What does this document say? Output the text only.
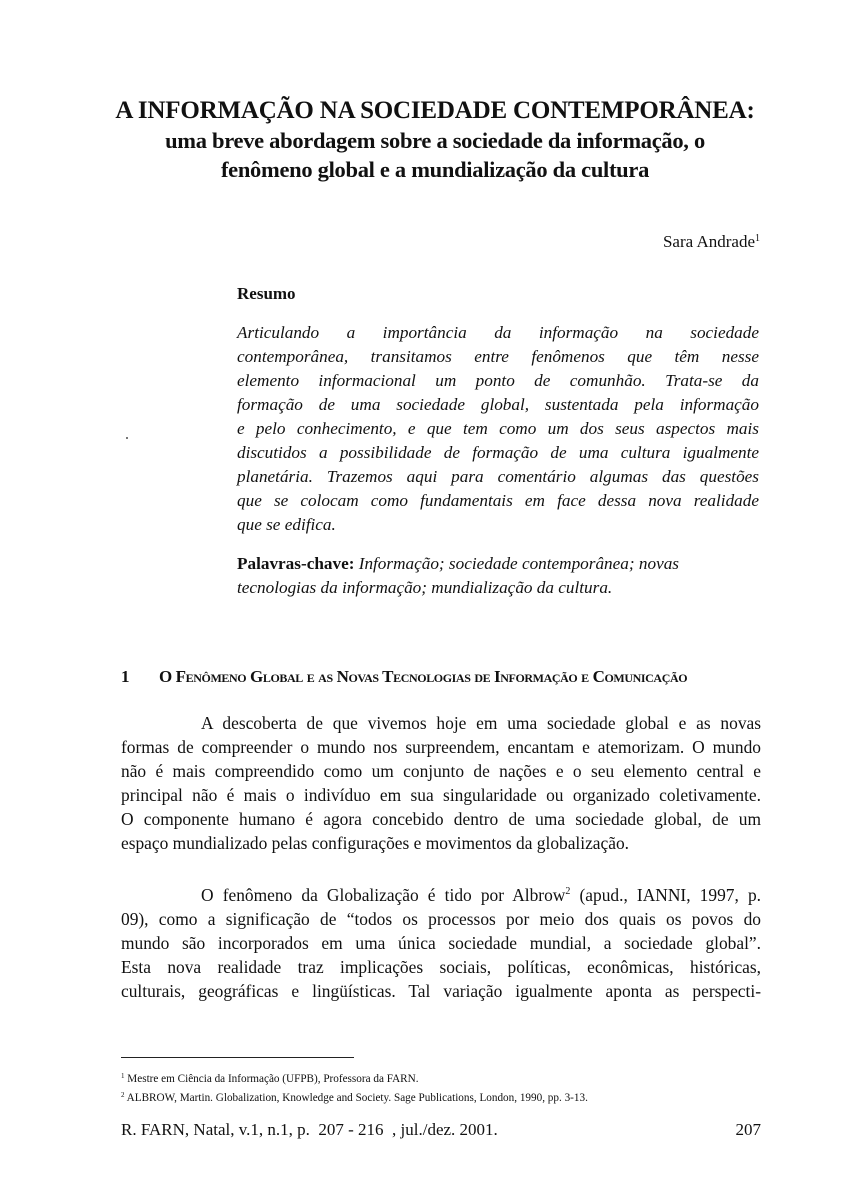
A INFORMAÇÃO NA SOCIEDADE CONTEMPORÂNEA:
uma breve abordagem sobre a sociedade da informação, o
fenômeno global e a mundialização da cultura
Sara Andrade$^1$
Resumo
Articulando a importância da informação na sociedade
contemporânea, transitamos entre fenômenos que têm nesse
elemento informacional um ponto de comunhão. Trata-se da
formação de uma sociedade global, sustentada pela informação
e pelo conhecimento, e que tem como um dos seus aspectos mais
discutidos a possibilidade de formação de uma cultura igualmente
planetária. Trazemos aqui para comentário algumas das questões
que se colocam como fundamentais em face dessa nova realidade
que se edifica.
Palavras-chave: Informação; sociedade contemporânea; novas
tecnologias da informação; mundialização da cultura.
1	O Fenômeno Global e as Novas Tecnologias de Informação e Comunicação
A descoberta de que vivemos hoje em uma sociedade global e as novas
formas de compreender o mundo nos surpreendem, encantam e atemorizam. O mundo
não é mais compreendido como um conjunto de nações e o seu elemento central e
principal não é mais o indivíduo em sua singularidade ou organizado coletivamente.
O componente humano é agora concebido dentro de uma sociedade global, de um
espaço mundializado pelas configurações e movimentos da globalização.
O fenômeno da Globalização é tido por Albrow$^2$ (apud., IANNI, 1997, p.
09), como a significação de “todos os processos por meio dos quais os povos do
mundo são incorporados em uma única sociedade mundial, a sociedade global”.
Esta nova realidade traz implicações sociais, políticas, econômicas, históricas,
culturais, geográficas e lingüísticas. Tal variação igualmente aponta as perspecti-
$^1$ Mestre em Ciência da Informação (UFPB), Professora da FARN.
$^2$ ALBROW, Martin. Globalization, Knowledge and Society. Sage Publications, London, 1990, pp. 3-13.
R. FARN, Natal, v.1, n.1, p.  207 - 216  , jul./dez. 2001.	207
